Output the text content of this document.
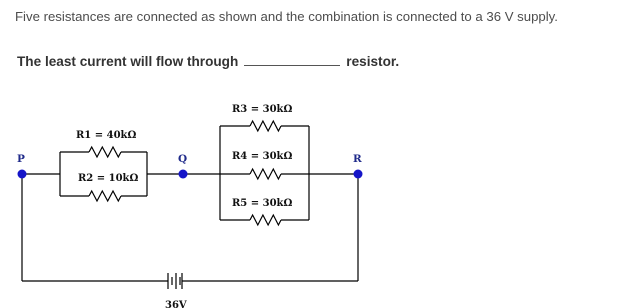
Five resistances are connected as shown and the combination is connected to a 36 V supply.
The least current will flow through	resistor.
P	Q	R
R1 = 40kΩ
R2 = 10kΩ
R3 = 30kΩ
R4 = 30kΩ
R5 = 30kΩ
36V
